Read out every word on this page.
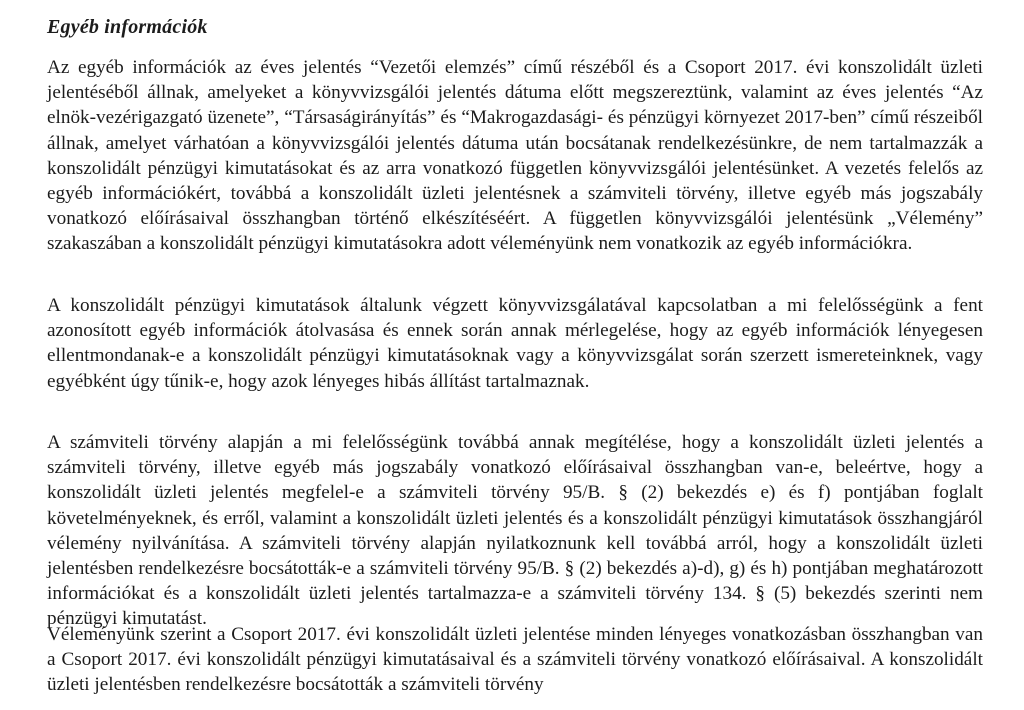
Egyéb információk

Az egyéb információk az éves jelentés “Vezetői elemzés” című részéből és a Csoport 2017. évi konszolidált üzleti jelentéséből állnak, amelyeket a könyvvizsgálói jelentés dátuma előtt megszereztünk, valamint az éves jelentés “Az elnök-vezérigazgató üzenete”, “Társaságirányítás” és “Makrogazdasági- és pénzügyi környezet 2017-ben” című részeiből állnak, amelyet várhatóan a könyvvizsgálói jelentés dátuma után bocsátanak rendelkezésünkre, de nem tartalmazzák a konszolidált pénzügyi kimutatásokat és az arra vonatkozó független könyvvizsgálói jelentésünket. A vezetés felelős az egyéb információkért, továbbá a konszolidált üzleti jelentésnek a számviteli törvény, illetve egyéb más jogszabály vonatkozó előírásaival összhangban történő elkészítéséért. A független könyvvizsgálói jelentésünk „Vélemény” szakaszában a konszolidált pénzügyi kimutatásokra adott véleményünk nem vonatkozik az egyéb információkra.

A konszolidált pénzügyi kimutatások általunk végzett könyvvizsgálatával kapcsolatban a mi felelősségünk a fent azonosított egyéb információk átolvasása és ennek során annak mérlegelése, hogy az egyéb információk lényegesen ellentmondanak-e a konszolidált pénzügyi kimutatásoknak vagy a könyvvizsgálat során szerzett ismereteinknek, vagy egyébként úgy tűnik-e, hogy azok lényeges hibás állítást tartalmaznak.

A számviteli törvény alapján a mi felelősségünk továbbá annak megítélése, hogy a konszolidált üzleti jelentés a számviteli törvény, illetve egyéb más jogszabály vonatkozó előírásaival összhangban van-e, beleértve, hogy a konszolidált üzleti jelentés megfelel-e a számviteli törvény 95/B. § (2) bekezdés e) és f) pontjában foglalt követelményeknek, és erről, valamint a konszolidált üzleti jelentés és a konszolidált pénzügyi kimutatások összhangjáról vélemény nyilvánítása. A számviteli törvény alapján nyilatkoznunk kell továbbá arról, hogy a konszolidált üzleti jelentésben rendelkezésre bocsátották-e a számviteli törvény 95/B. § (2) bekezdés a)-d), g) és h) pontjában meghatározott információkat és a konszolidált üzleti jelentés tartalmazza-e a számviteli törvény 134. § (5) bekezdés szerinti nem pénzügyi kimutatást.

Véleményünk szerint a Csoport 2017. évi konszolidált üzleti jelentése minden lényeges vonatkozásban összhangban van a Csoport 2017. évi konszolidált pénzügyi kimutatásaival és a számviteli törvény vonatkozó előírásaival. A konszolidált üzleti jelentésben rendelkezésre bocsátották a számviteli törvény
